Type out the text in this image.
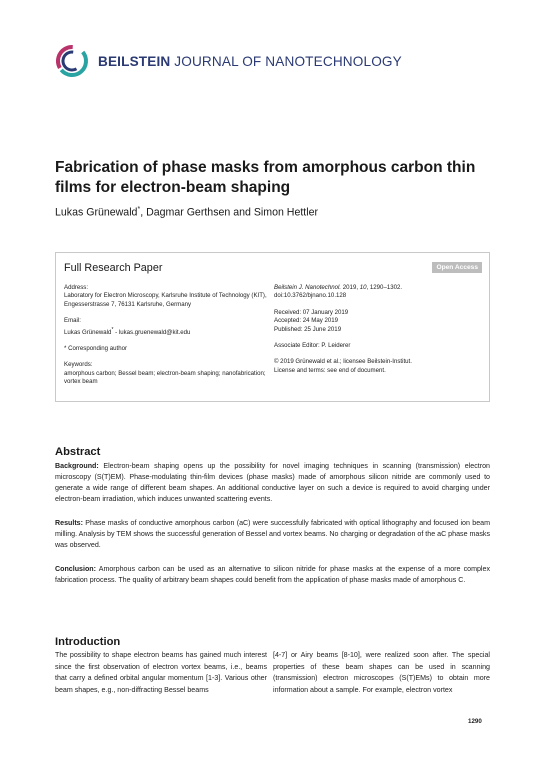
BEILSTEIN JOURNAL OF NANOTECHNOLOGY
Fabrication of phase masks from amorphous carbon thin films for electron-beam shaping
Lukas Grünewald*, Dagmar Gerthsen and Simon Hettler
Full Research Paper	Open Access
Address:
Laboratory for Electron Microscopy, Karlsruhe Institute of Technology (KIT), Engesserstrasse 7, 76131 Karlsruhe, Germany
Email:
Lukas Grünewald* - lukas.gruenewald@kit.edu
* Corresponding author
Keywords:
amorphous carbon; Bessel beam; electron-beam shaping; nanofabrication; vortex beam
Beilstein J. Nanotechnol. 2019, 10, 1290–1302.
doi:10.3762/bjnano.10.128
Received: 07 January 2019
Accepted: 24 May 2019
Published: 25 June 2019
Associate Editor: P. Leiderer
© 2019 Grünewald et al.; licensee Beilstein-Institut.
License and terms: see end of document.
Abstract

Background: Electron-beam shaping opens up the possibility for novel imaging techniques in scanning (transmission) electron microscopy (S(T)EM). Phase-modulating thin-film devices (phase masks) made of amorphous silicon nitride are commonly used to generate a wide range of different beam shapes. An additional conductive layer on such a device is required to avoid charging under electron-beam irradiation, which induces unwanted scattering events.

Results: Phase masks of conductive amorphous carbon (aC) were successfully fabricated with optical lithography and focused ion beam milling. Analysis by TEM shows the successful generation of Bessel and vortex beams. No charging or degradation of the aC phase masks was observed.

Conclusion: Amorphous carbon can be used as an alternative to silicon nitride for phase masks at the expense of a more complex fabrication process. The quality of arbitrary beam shapes could benefit from the application of phase masks made of amorphous C.

Introduction

The possibility to shape electron beams has gained much interest since the first observation of electron vortex beams, i.e., beams that carry a defined orbital angular momentum [1-3]. Various other beam shapes, e.g., non-diffracting Bessel beams

[4-7] or Airy beams [8-10], were realized soon after. The special properties of these beam shapes can be used in scanning (transmission) electron microscopes (S(T)EMs) to obtain more information about a sample. For example, electron vortex

1290
